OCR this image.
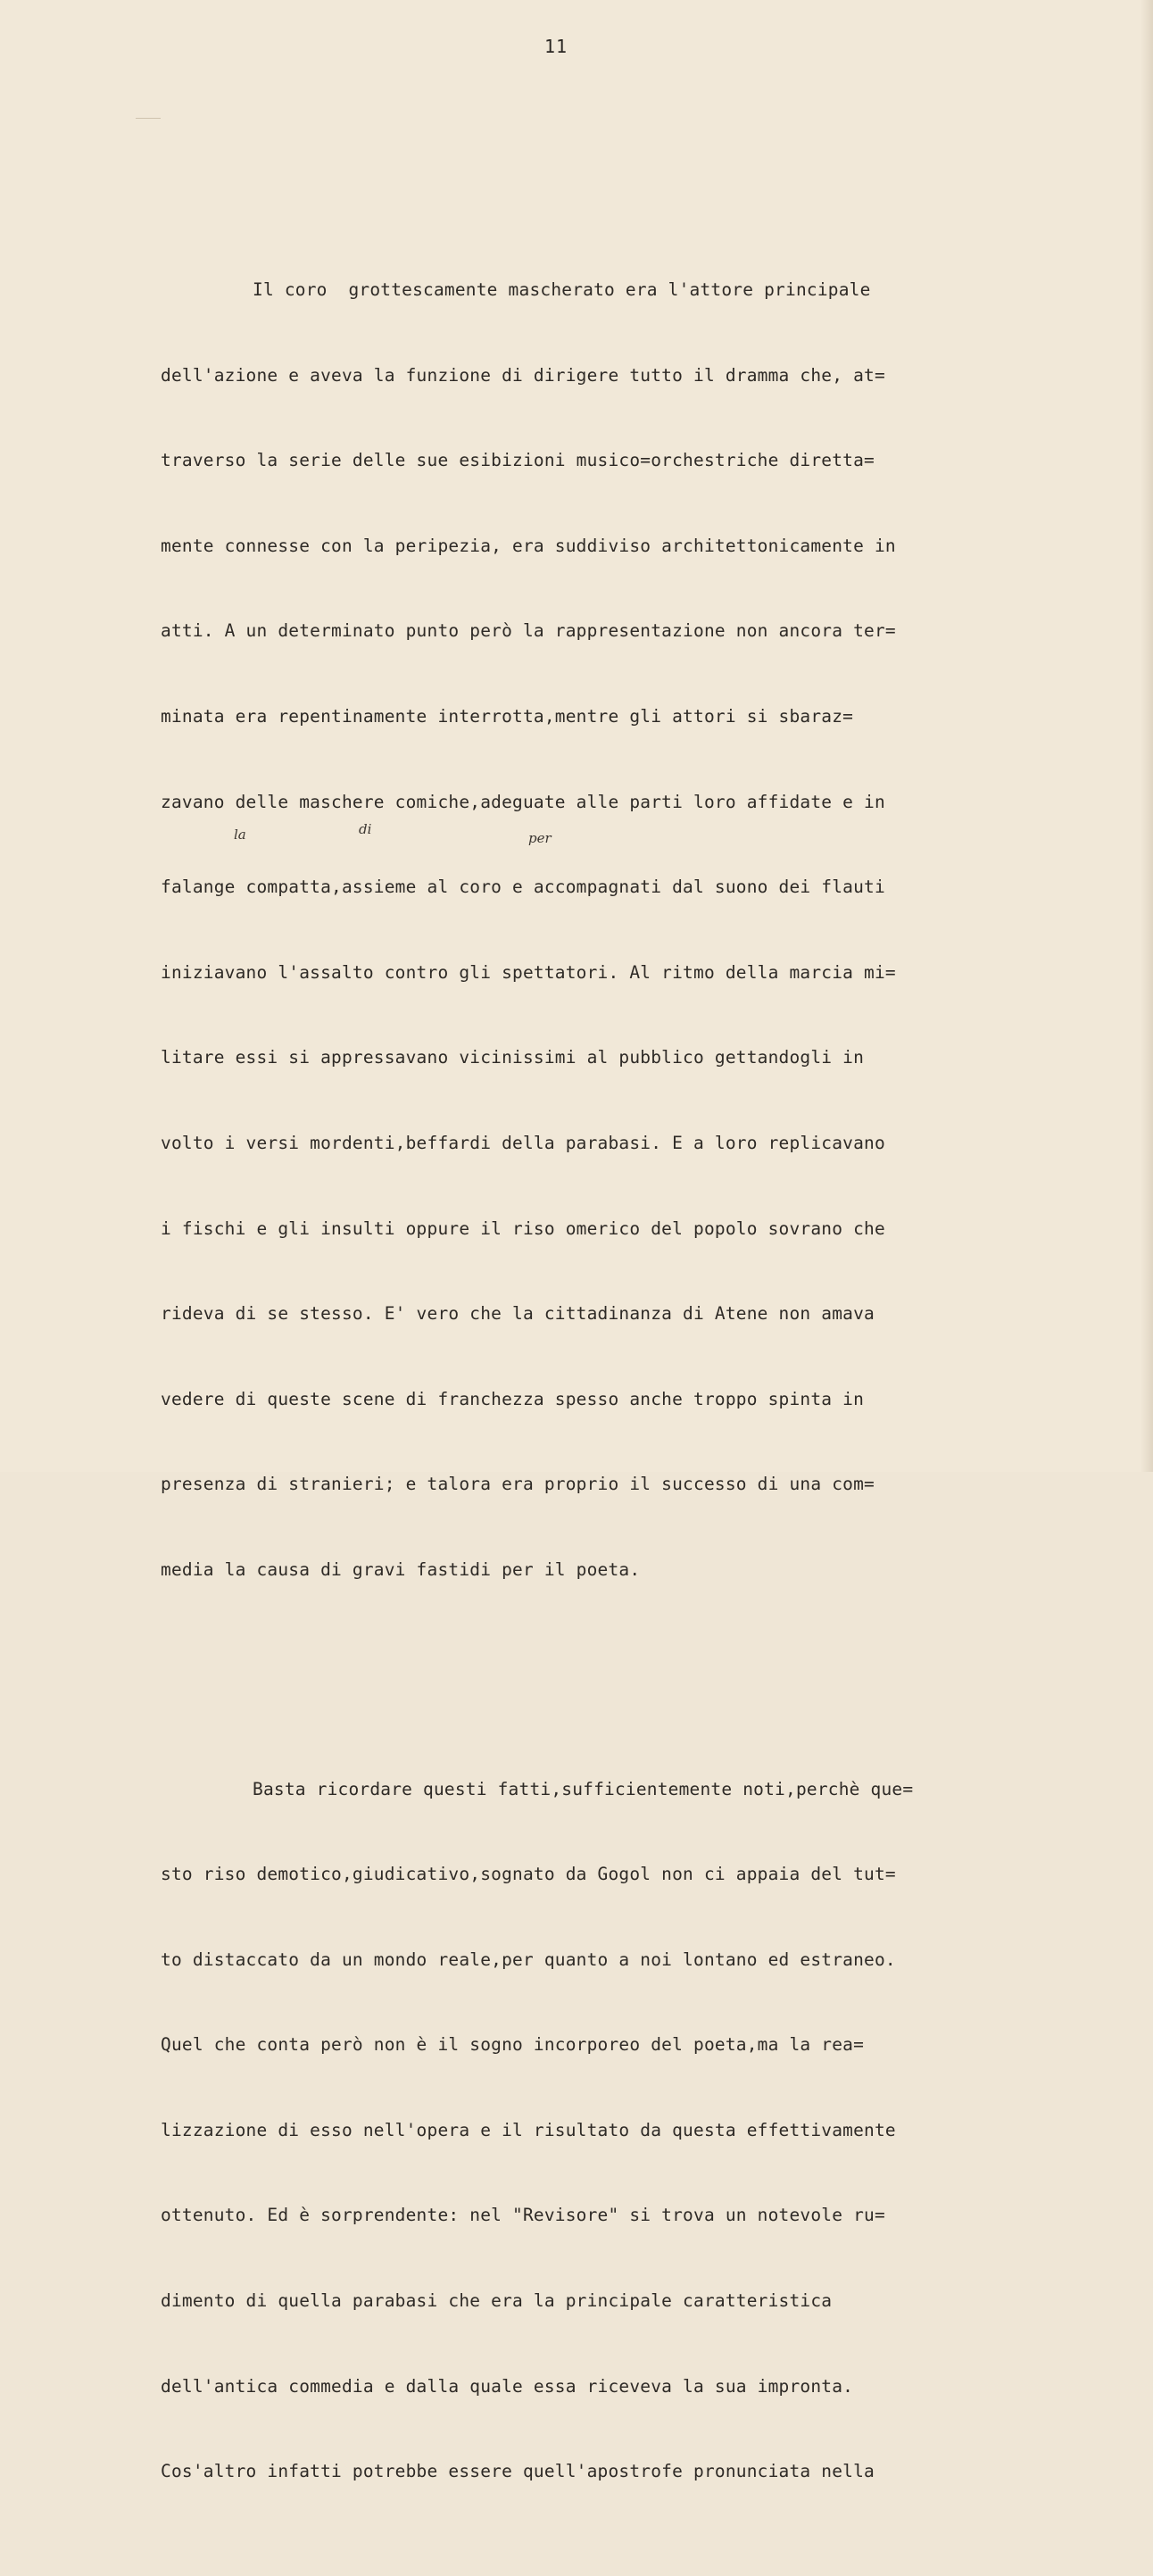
11

Il coro  grottescamente mascherato era l'attore principale

dell'azione e aveva la funzione di dirigere tutto il dramma che, at=

traverso la serie delle sue esibizioni musico=orchestriche diretta=

mente connesse con la peripezia, era suddiviso architettonicamente in

atti. A un determinato punto però la rappresentazione non ancora ter=

minata era repentinamente interrotta,mentre gli attori si sbaraz=

zavano delle maschere comiche,adeguate alle parti loro affidate e in

falange compatta,assieme al coro e accompagnati dal suono dei flauti

iniziavano l'assalto contro gli spettatori. Al ritmo della marcia mi=

litare essi si appressavano vicinissimi al pubblico gettandogli in

volto i versi mordenti,beffardi della parabasi. E a loro replicavano

i fischi e gli insulti oppure il riso omerico del popolo sovrano che

rideva di se stesso. E' vero che la cittadinanza di Atene non amava

vedere di queste scene di franchezza spesso anche troppo spinta in

presenza di stranieri; e talora era proprio il successo di una com=

media la causa di gravi fastidi per il poeta.

Basta ricordare questi fatti,sufficientemente noti,perchè que=

sto riso demotico,giudicativo,sognato da Gogol non ci appaia del tut=

to distaccato da un mondo reale,per quanto a noi lontano ed estraneo.

Quel che conta però non è il sogno incorporeo del poeta,ma la rea=

lizzazione di esso nell'opera e il risultato da questa effettivamente

ottenuto. Ed è sorprendente: nel "Revisore" si trova un notevole ru=

dimento di quella parabasi che era la principale caratteristica

dell'antica commedia e dalla quale essa riceveva la sua impronta.

Cos'altro infatti potrebbe essere quell'apostrofe pronunciata nella

la	di
per
